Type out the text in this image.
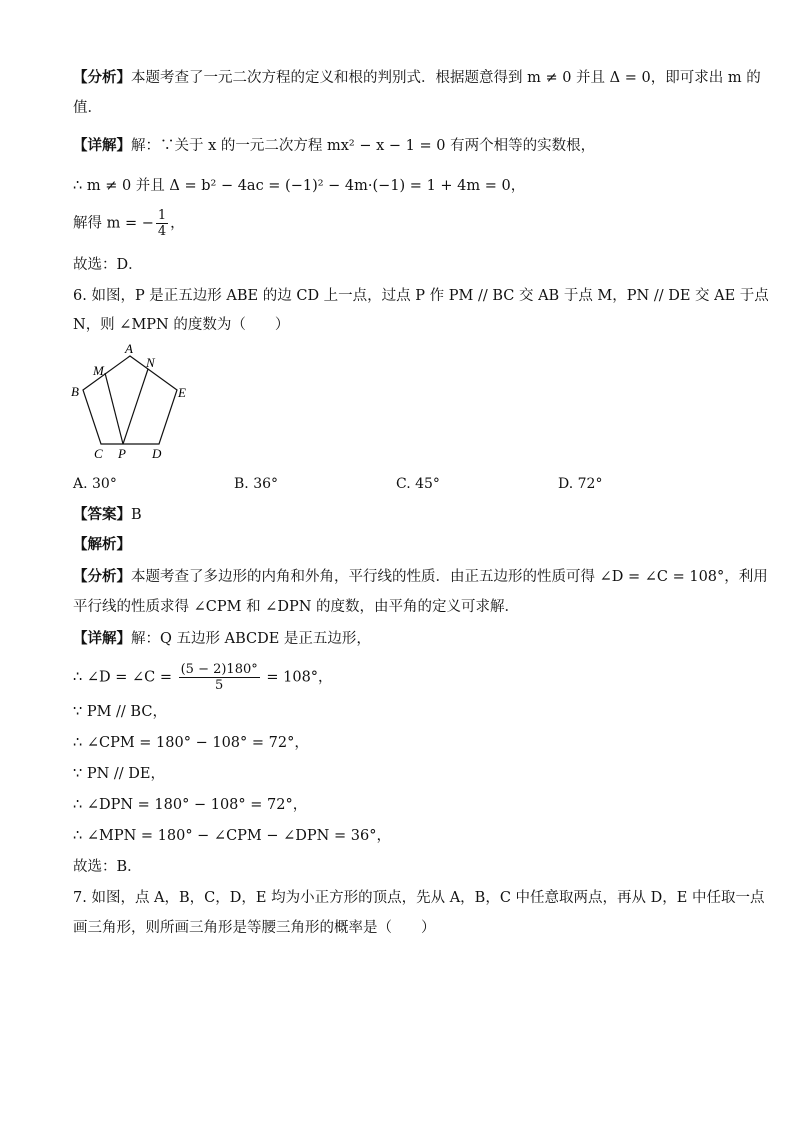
【分析】本题考查了一元二次方程的定义和根的判别式．根据题意得到 m ≠ 0 并且 Δ = 0，即可求出 m 的
值．
【详解】解：∵关于 x 的一元二次方程 mx² − x − 1 = 0 有两个相等的实数根，
∴ m ≠ 0 并且 Δ = b² − 4ac = (−1)² − 4m·(−1) = 1 + 4m = 0，
解得 m = − $\frac{1}{4}$ ，
故选：D．
6. 如图，P 是正五边形 ABE 的边 CD 上一点，过点 P 作 PM // BC 交 AB 于点 M，PN // DE 交 AE 于点
N，则 ∠MPN 的度数为（　　）
A
N
M
B	E
C P D
A. 30°	B. 36°	C. 45°	D. 72°
【答案】B
【解析】
【分析】本题考查了多边形的内角和外角，平行线的性质．由正五边形的性质可得 ∠D = ∠C = 108°，利用
平行线的性质求得 ∠CPM 和 ∠DPN 的度数，由平角的定义可求解．
【详解】解：Q 五边形 ABCDE 是正五边形，
∴ ∠D = ∠C = $\frac{(5 - 2)180^\circ}{5} = 108^\circ$，
∵ PM // BC，
∴ ∠CPM = 180° − 108° = 72°，
∵ PN // DE，
∴ ∠DPN = 180° − 108° = 72°，
∴ ∠MPN = 180° − ∠CPM − ∠DPN = 36°，
故选：B．
7. 如图，点 A，B，C，D，E 均为小正方形的顶点，先从 A，B，C 中任意取两点，再从 D，E 中任取一点
画三角形，则所画三角形是等腰三角形的概率是（　　）
